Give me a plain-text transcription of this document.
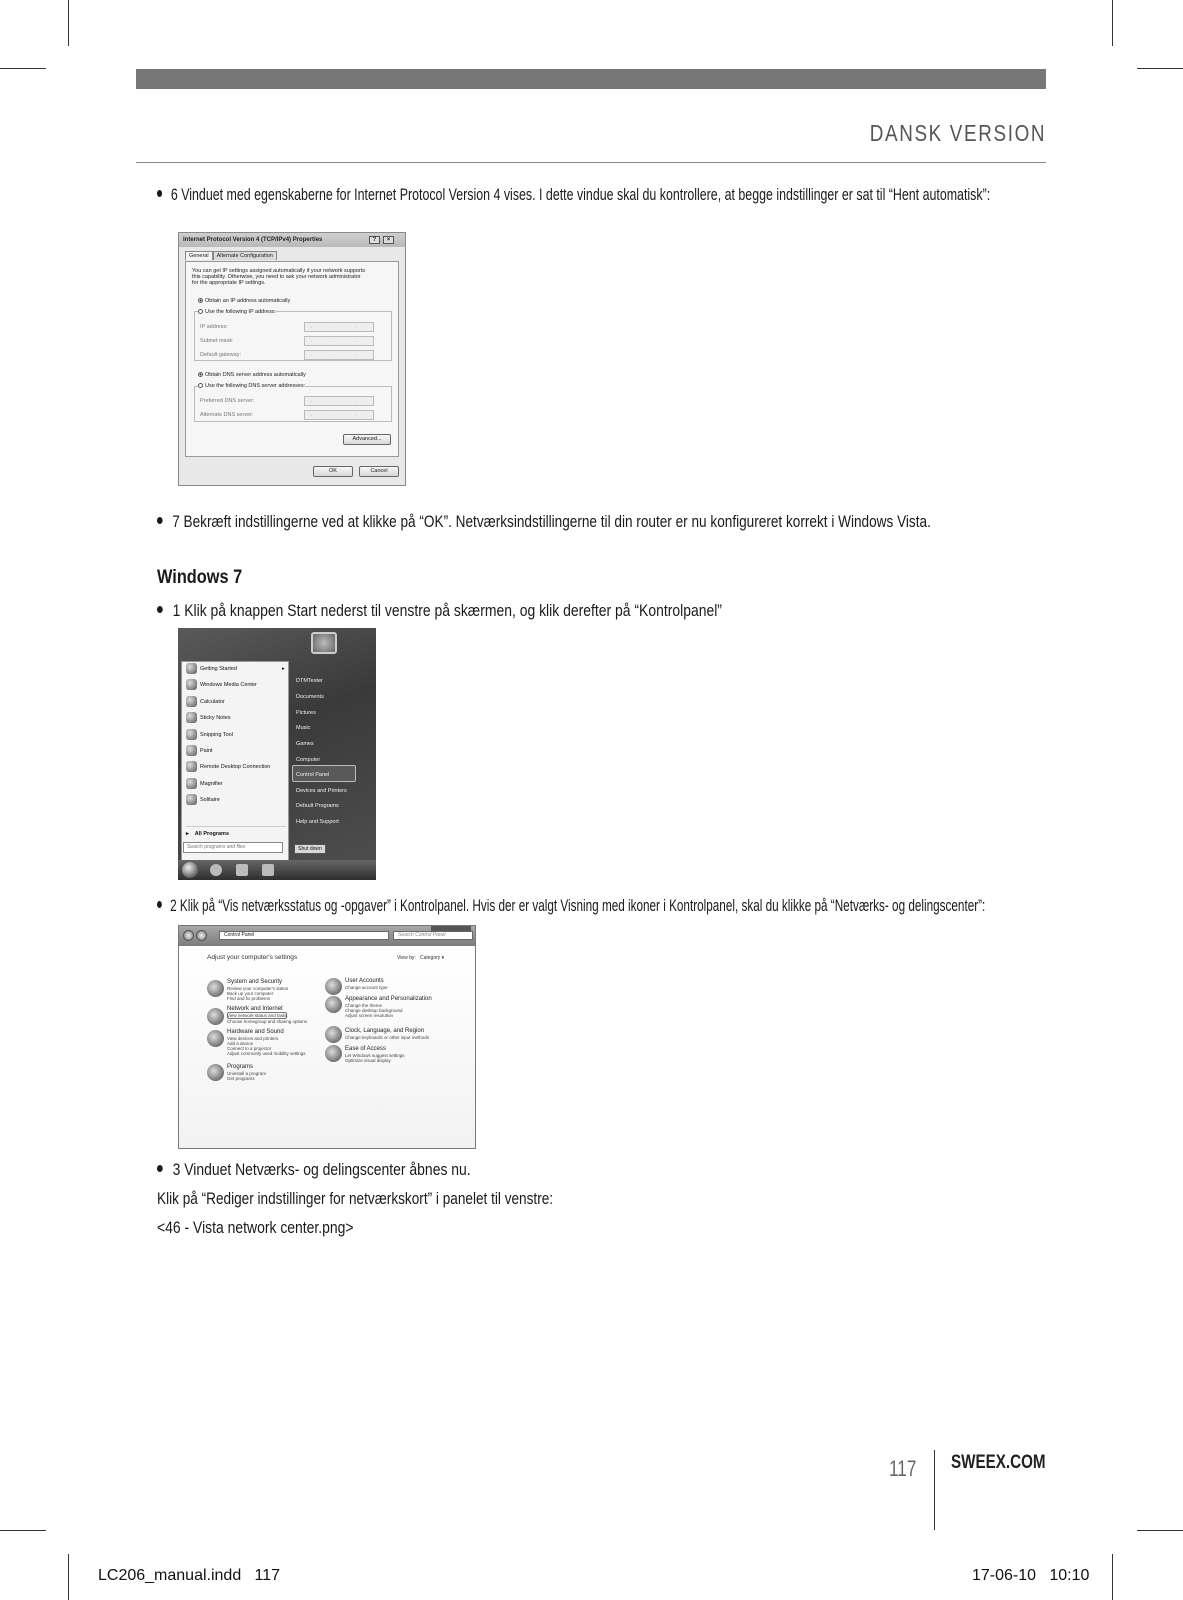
DANSK VERSION
6 Vinduet med egenskaberne for Internet Protocol Version 4 vises. I dette vindue skal du kontrollere, at begge indstillinger er sat til “Hent automatisk”:
Internet Protocol Version 4 (TCP/IPv4) Properties	?	×
General Alternate Configuration
You can get IP settings assigned automatically if your network supports
this capability. Otherwise, you need to ask your network administrator
for the appropriate IP settings.
Obtain an IP address automatically
Use the following IP address:
IP address:	. . .
Subnet mask:	. . .
Default gateway:	. . .
Obtain DNS server address automatically
Use the following DNS server addresses:
Preferred DNS server:	. . .
Alternate DNS server:	. . .
Advanced...
OK	Cancel
7 Bekræft indstillingerne ved at klikke på “OK”. Netværksindstillingerne til din router er nu konfigureret korrekt i Windows Vista.
Windows 7
1 Klik på knappen Start nederst til venstre på skærmen, og klik derefter på “Kontrolpanel”
Getting Started	▸
Windows Media Center
Calculator
Sticky Notes
Snipping Tool
Paint
Remote Desktop Connection
Magnifier
Solitaire
▸ All Programs
Search programs and files
DTMTester
Documents
Pictures
Music
Games
Computer
Control Panel
Devices and Printers
Default Programs
Help and Support
Shut down
2 Klik på “Vis netværksstatus og -opgaver” i Kontrolpanel. Hvis der er valgt Visning med ikoner i Kontrolpanel, skal du klikke på “Netværks- og delingscenter”:
Control Panel	Search Control Panel
Adjust your computer's settings	View by: Category ▾
System and Security
Review your computer's status
Back up your computer
Find and fix problems
Network and Internet
View network status and tasks
Choose homegroup and sharing options
Hardware and Sound
View devices and printers
Add a device
Connect to a projector
Adjust commonly used mobility settings
Programs
Uninstall a program
Get programs
User Accounts
Change account type
Appearance and Personalization
Change the theme
Change desktop background
Adjust screen resolution
Clock, Language, and Region
Change keyboards or other input methods
Ease of Access
Let Windows suggest settings
Optimize visual display
3 Vinduet Netværks- og delingscenter åbnes nu.
Klik på “Rediger indstillinger for netværkskort” i panelet til venstre:
<46 - Vista network center.png>
117 SWEEX.COM
LC206_manual.indd   117	17-06-10   10:10
